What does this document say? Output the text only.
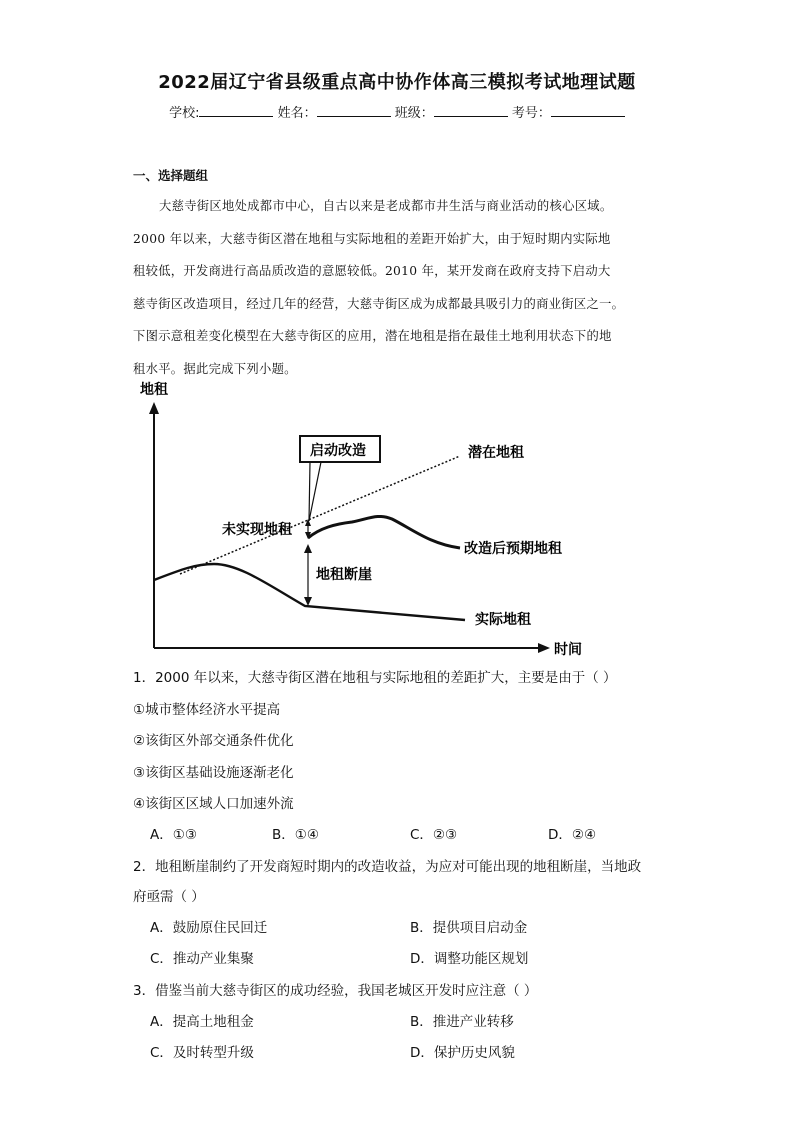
2022届辽宁省县级重点高中协作体高三模拟考试地理试题
学校:	姓名：	班级：	考号：
一、选择题组
大慈寺街区地处成都市中心，自古以来是老成都市井生活与商业活动的核心区域。
2000 年以来，大慈寺街区潜在地租与实际地租的差距开始扩大，由于短时期内实际地
租较低，开发商进行高品质改造的意愿较低。2010 年，某开发商在政府支持下启动大
慈寺街区改造项目，经过几年的经营，大慈寺街区成为成都最具吸引力的商业街区之一。
下图示意租差变化模型在大慈寺街区的应用，潜在地租是指在最佳土地利用状态下的地
租水平。据此完成下列小题。
地租
时间
启动改造
未实现地租
地租断崖
潜在地租
改造后预期地租
实际地租
1．2000 年以来，大慈寺街区潜在地租与实际地租的差距扩大，主要是由于（ ）
①城市整体经济水平提高
②该街区外部交通条件优化
③该街区基础设施逐渐老化
④该街区区域人口加速外流
A．①③	B．①④	C．②③	D．②④
2．地租断崖制约了开发商短时期内的改造收益，为应对可能出现的地租断崖，当地政
府亟需（ ）
A．鼓励原住民回迁	B．提供项目启动金
C．推动产业集聚	D．调整功能区规划
3．借鉴当前大慈寺街区的成功经验，我国老城区开发时应注意（ ）
A．提高土地租金	B．推进产业转移
C．及时转型升级	D．保护历史风貌
